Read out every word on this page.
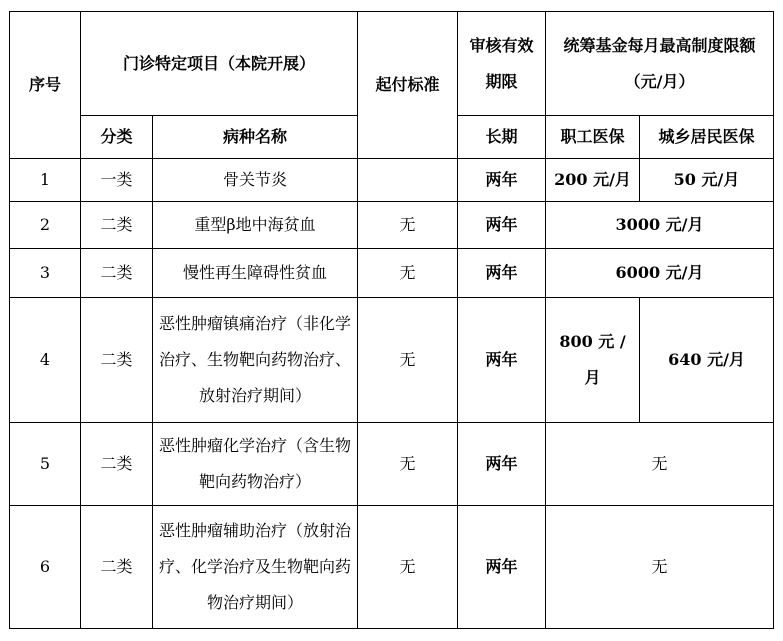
序号	门诊特定项目（本院开展）		起付标准	审核有效期限	统筹基金每月最高制度限额（元/月）	
	分类	病种名称		长期	职工医保	城乡居民医保
1	一类	骨关节炎		两年	200 元/月	50 元/月
2	二类	重型β地中海贫血	无	两年	3000 元/月	
3	二类	慢性再生障碍性贫血	无	两年	6000 元/月	
4	二类	恶性肿瘤镇痛治疗（非化学治疗、生物靶向药物治疗、放射治疗期间）	无	两年	800 元 /月	640 元/月
5	二类	恶性肿瘤化学治疗（含生物靶向药物治疗）	无	两年	无	
6	二类	恶性肿瘤辅助治疗（放射治疗、化学治疗及生物靶向药物治疗期间）	无	两年	无	
